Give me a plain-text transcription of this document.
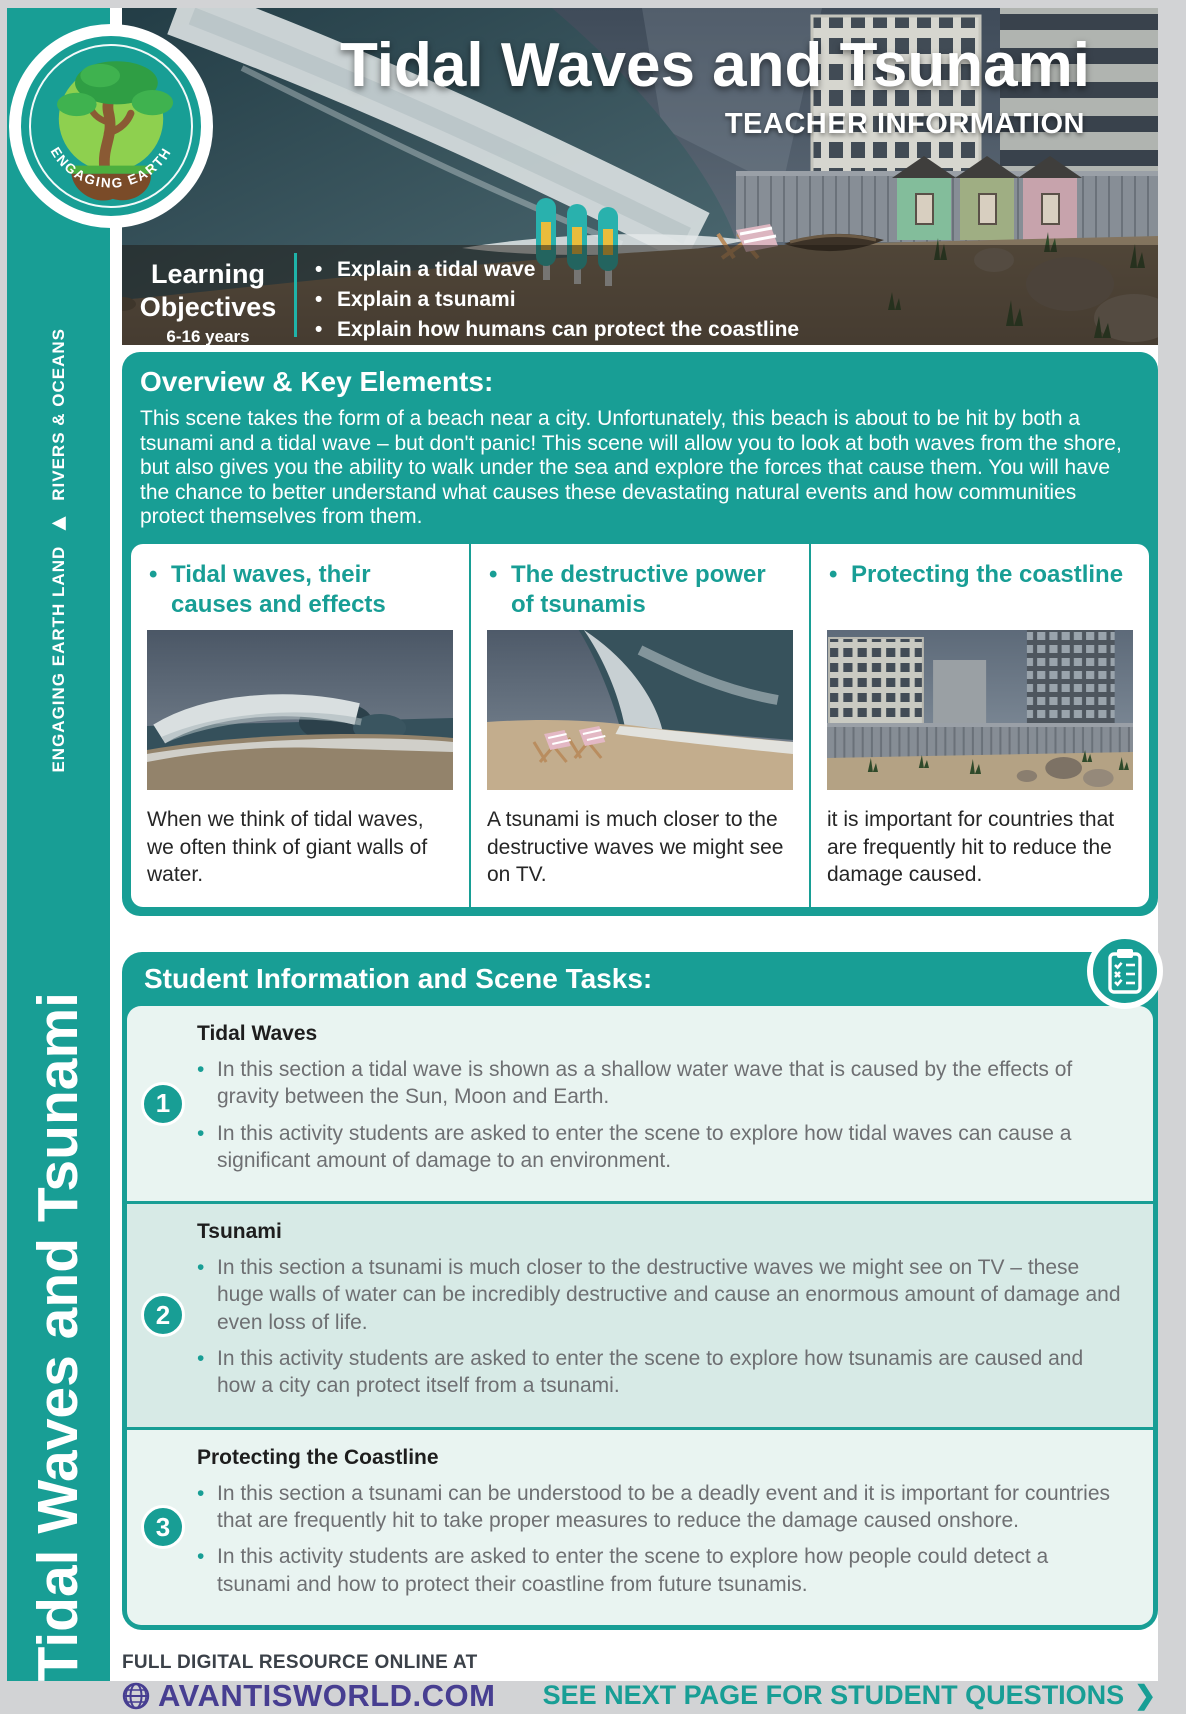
ENGAGING EARTH LAND▶RIVERS & OCEANS
Tidal Waves and Tsunami
ENGAGING EARTH
Tidal Waves and Tsunami
TEACHER INFORMATION
Learning
Objectives
6-16 years
• Explain a tidal wave
• Explain a tsunami
• Explain how humans can protect the coastline
Overview & Key Elements:
This scene takes the form of a beach near a city. Unfortunately, this beach is about to be hit by both a tsunami and a tidal wave – but don't panic! This scene will allow you to look at both waves from the shore, but also gives you the ability to walk under the sea and explore the forces that cause them. You will have the chance to better understand what causes these devastating natural events and how communities protect themselves from them.
• Tidal waves, their causes and effects
When we think of tidal waves, we often think of giant walls of water.
• The destructive power of tsunamis
A tsunami is much closer to the destructive waves we might see on TV.
• Protecting the coastline
it is important for countries that are frequently hit to reduce the damage caused.
Student Information and Scene Tasks:
1
Tidal Waves
• In this section a tidal wave is shown as a shallow water wave that is caused by the effects of gravity between the Sun, Moon and Earth.
• In this activity students are asked to enter the scene to explore how tidal waves can cause a significant amount of damage to an environment.
2
Tsunami
• In this section a tsunami is much closer to the destructive waves we might see on TV – these huge walls of water can be incredibly destructive and cause an enormous amount of damage and even loss of life.
• In this activity students are asked to enter the scene to explore how tsunamis are caused and how a city can protect itself from a tsunami.
3
Protecting the Coastline
• In this section a tsunami can be understood to be a deadly event and it is important for countries that are frequently hit to take proper measures to reduce the damage caused onshore.
• In this activity students are asked to enter the scene to explore how people could detect a tsunami and how to protect their coastline from future tsunamis.
FULL DIGITAL RESOURCE ONLINE AT
AVANTISWORLD.COM SEE NEXT PAGE FOR STUDENT QUESTIONS ❯
